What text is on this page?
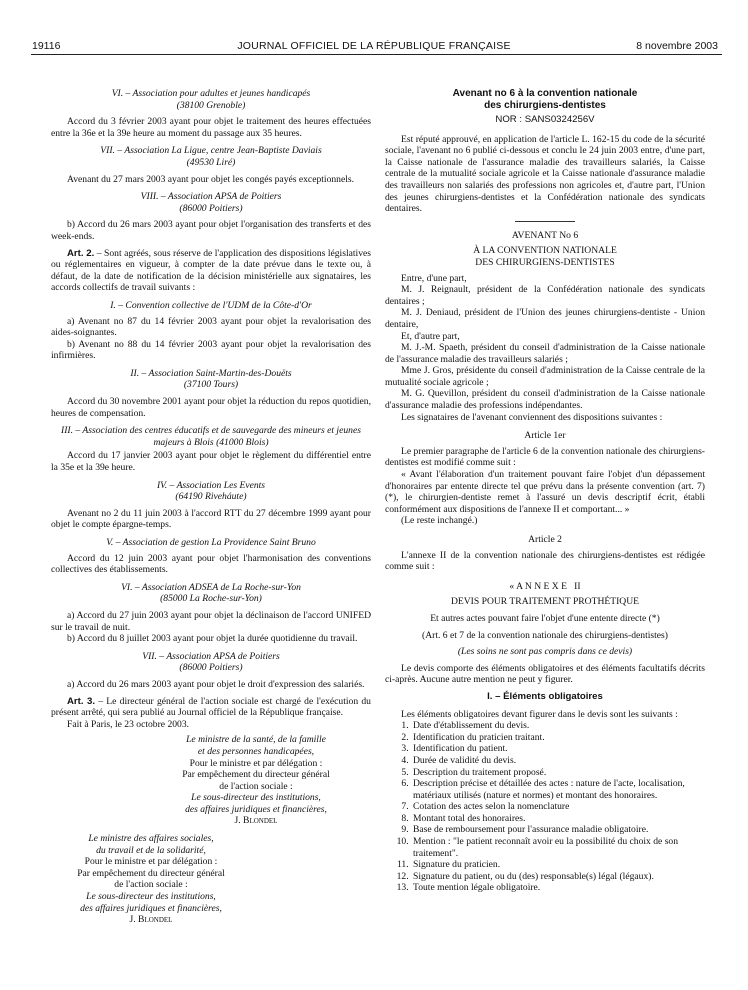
19116	JOURNAL OFFICIEL DE LA RÉPUBLIQUE FRANÇAISE	8 novembre 2003

VI. – Association pour adultes et jeunes handicapés

(38100 Grenoble)

Accord du 3 février 2003 ayant pour objet le traitement des heures effectuées entre la 36e et la 39e heure au moment du passage aux 35 heures.

VII. – Association La Ligue, centre Jean-Baptiste Daviais

(49530 Liré)

Avenant du 27 mars 2003 ayant pour objet les congés payés exceptionnels.

VIII. – Association APSA de Poitiers

(86000 Poitiers)

b) Accord du 26 mars 2003 ayant pour objet l'organisation des transferts et des week-ends.

Art. 2. – Sont agréés, sous réserve de l'application des dispositions législatives ou réglementaires en vigueur, à compter de la date prévue dans le texte ou, à défaut, de la date de notification de la décision ministérielle aux signataires, les accords collectifs de travail suivants :

I. – Convention collective de l'UDM de la Côte-d'Or

a) Avenant no 87 du 14 février 2003 ayant pour objet la revalorisation des aides-soignantes.

b) Avenant no 88 du 14 février 2003 ayant pour objet la revalorisation des infirmières.

II. – Association Saint-Martin-des-Douëts

(37100 Tours)

Accord du 30 novembre 2001 ayant pour objet la réduction du repos quotidien, heures de compensation.

III. – Association des centres éducatifs et de sauvegarde des mineurs et jeunes majeurs à Blois (41000 Blois)

Accord du 17 janvier 2003 ayant pour objet le règlement du différentiel entre la 35e et la 39e heure.

IV. – Association Les Events

(64190 Riveháute)

Avenant no 2 du 11 juin 2003 à l'accord RTT du 27 décembre 1999 ayant pour objet le compte épargne-temps.

V. – Association de gestion La Providence Saint Bruno

Accord du 12 juin 2003 ayant pour objet l'harmonisation des conventions collectives des établissements.

VI. – Association ADSEA de La Roche-sur-Yon

(85000 La Roche-sur-Yon)

a) Accord du 27 juin 2003 ayant pour objet la déclinaison de l'accord UNIFED sur le travail de nuit.

b) Accord du 8 juillet 2003 ayant pour objet la durée quotidienne du travail.

VII. – Association APSA de Poitiers

(86000 Poitiers)

a) Accord du 26 mars 2003 ayant pour objet le droit d'expression des salariés.

Art. 3. – Le directeur général de l'action sociale est chargé de l'exécution du présent arrêté, qui sera publié au Journal officiel de la République française.

Fait à Paris, le 23 octobre 2003.

Le ministre de la santé, de la famille

et des personnes handicapées,

Pour le ministre et par délégation :

Par empêchement du directeur général

de l'action sociale :

Le sous-directeur des institutions,

des affaires juridiques et financières,

J. Blondel

Le ministre des affaires sociales,

du travail et de la solidarité,

Pour le ministre et par délégation :

Par empêchement du directeur général

de l'action sociale :

Le sous-directeur des institutions,

des affaires juridiques et financières,

J. Blondel

Avenant no 6 à la convention nationale
des chirurgiens-dentistes
NOR : SANS0324256V

Est réputé approuvé, en application de l'article L. 162-15 du code de la sécurité sociale, l'avenant no 6 publié ci-dessous et conclu le 24 juin 2003 entre, d'une part, la Caisse nationale de l'assurance maladie des travailleurs salariés, la Caisse centrale de la mutualité sociale agricole et la Caisse nationale d'assurance maladie des travailleurs non salariés des professions non agricoles et, d'autre part, l'Union des jeunes chirurgiens-dentistes et la Confédération nationale des syndicats dentaires.

AVENANT No 6

À LA CONVENTION NATIONALE

DES CHIRURGIENS-DENTISTES

Entre, d'une part,

M. J. Reignault, président de la Confédération nationale des syndicats dentaires ;

M. J. Deniaud, président de l'Union des jeunes chirurgiens-dentiste - Union dentaire,

Et, d'autre part,

M. J.-M. Spaeth, président du conseil d'administration de la Caisse nationale de l'assurance maladie des travailleurs salariés ;

Mme J. Gros, présidente du conseil d'administration de la Caisse centrale de la mutualité sociale agricole ;

M. G. Quevillon, président du conseil d'administration de la Caisse nationale d'assurance maladie des professions indépendantes.

Les signataires de l'avenant conviennent des dispositions suivantes :

Article 1er

Le premier paragraphe de l'article 6 de la convention nationale des chirurgiens-dentistes est modifié comme suit :

« Avant l'élaboration d'un traitement pouvant faire l'objet d'un dépassement d'honoraires par entente directe tel que prévu dans la présente convention (art. 7) (*), le chirurgien-dentiste remet à l'assuré un devis descriptif écrit, établi conformément aux dispositions de l'annexe II et comportant... »

(Le reste inchangé.)

Article 2

L'annexe II de la convention nationale des chirurgiens-dentistes est rédigée comme suit :

« A N N E X E   II

DEVIS POUR TRAITEMENT PROTHÉTIQUE

Et autres actes pouvant faire l'objet d'une entente directe (*)

(Art. 6 et 7 de la convention nationale des chirurgiens-dentistes)

(Les soins ne sont pas compris dans ce devis)

Le devis comporte des éléments obligatoires et des éléments facultatifs décrits ci-après. Aucune autre mention ne peut y figurer.

I. – Éléments obligatoires

Les éléments obligatoires devant figurer dans le devis sont les suivants :

1. Date d'établissement du devis.
2. Identification du praticien traitant.
3. Identification du patient.
4. Durée de validité du devis.
5. Description du traitement proposé.
6. Description précise et détaillée des actes : nature de l'acte, localisation, matériaux utilisés (nature et normes) et montant des honoraires.
7. Cotation des actes selon la nomenclature
8. Montant total des honoraires.
9. Base de remboursement pour l'assurance maladie obligatoire.
10. Mention : "le patient reconnaît avoir eu la possibilité du choix de son traitement".
11. Signature du praticien.
12. Signature du patient, ou du (des) responsable(s) légal (légaux).
13. Toute mention légale obligatoire.
